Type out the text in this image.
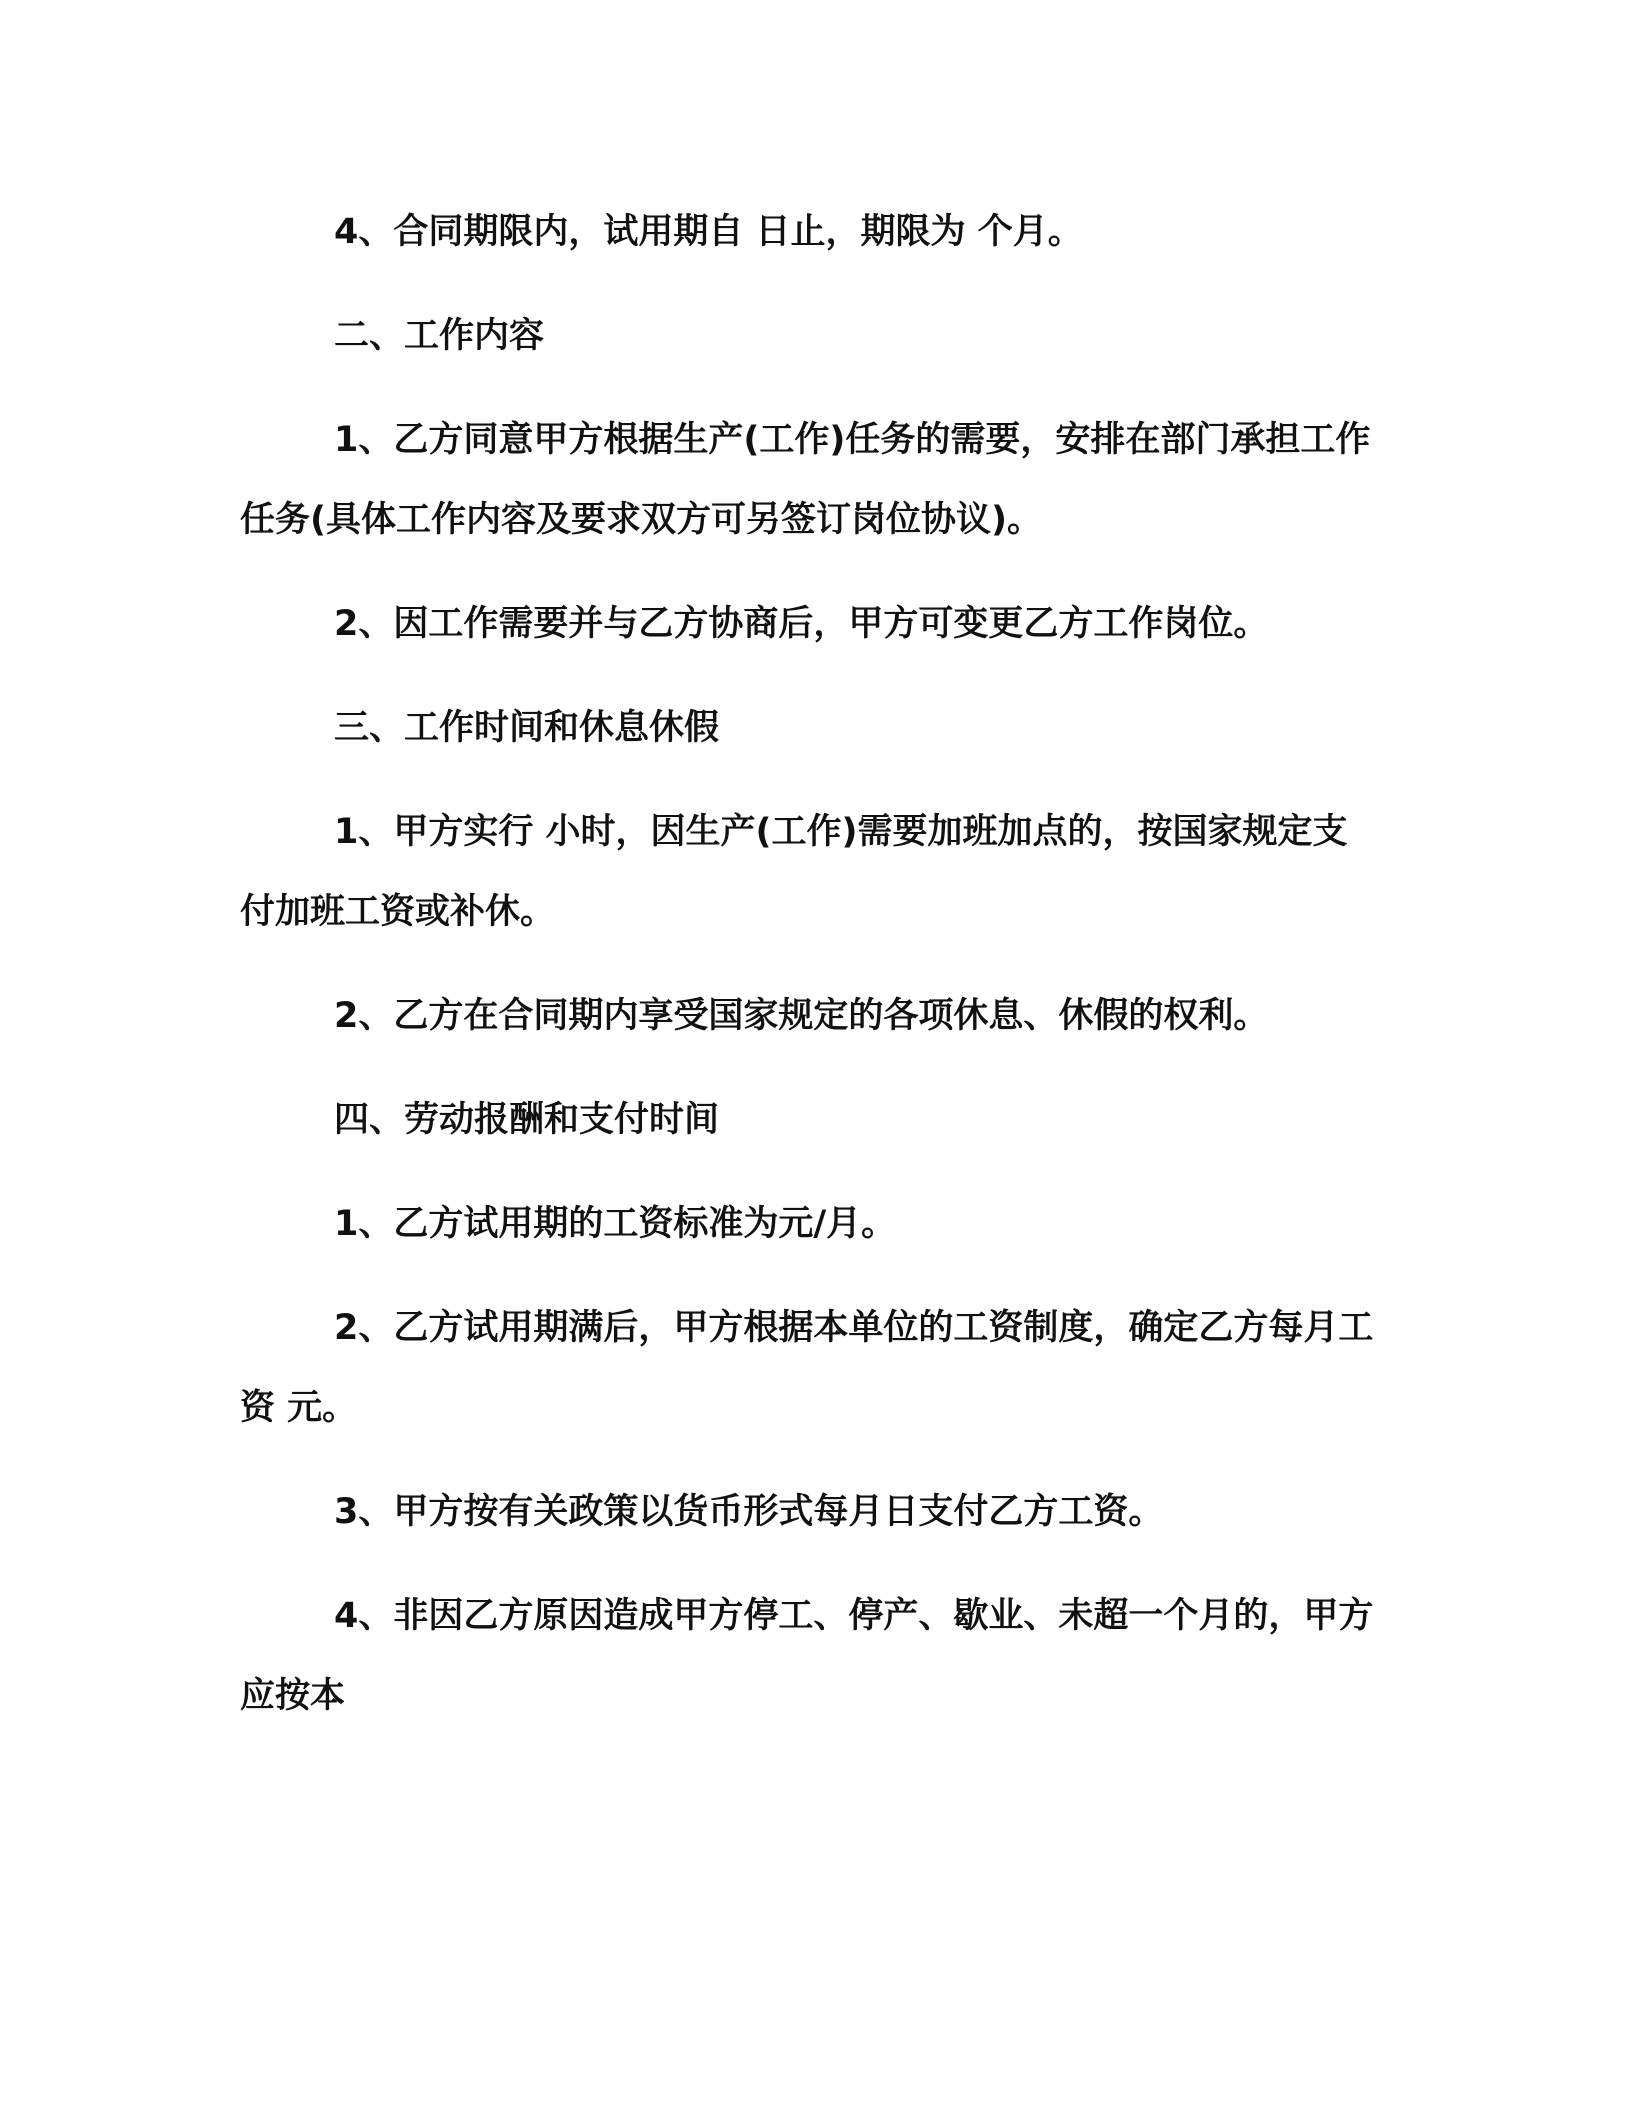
4、合同期限内，试用期自 日止，期限为 个月。

二、工作内容

1、乙方同意甲方根据生产(工作)任务的需要，安排在部门承担工作任务(具体工作内容及要求双方可另签订岗位协议)。

2、因工作需要并与乙方协商后，甲方可变更乙方工作岗位。

三、工作时间和休息休假

1、甲方实行 小时，因生产(工作)需要加班加点的，按国家规定支付加班工资或补休。

2、乙方在合同期内享受国家规定的各项休息、休假的权利。

四、劳动报酬和支付时间

1、乙方试用期的工资标准为元/月。

2、乙方试用期满后，甲方根据本单位的工资制度，确定乙方每月工资 元。

3、甲方按有关政策以货币形式每月日支付乙方工资。

4、非因乙方原因造成甲方停工、停产、歇业、未超一个月的，甲方应按本
